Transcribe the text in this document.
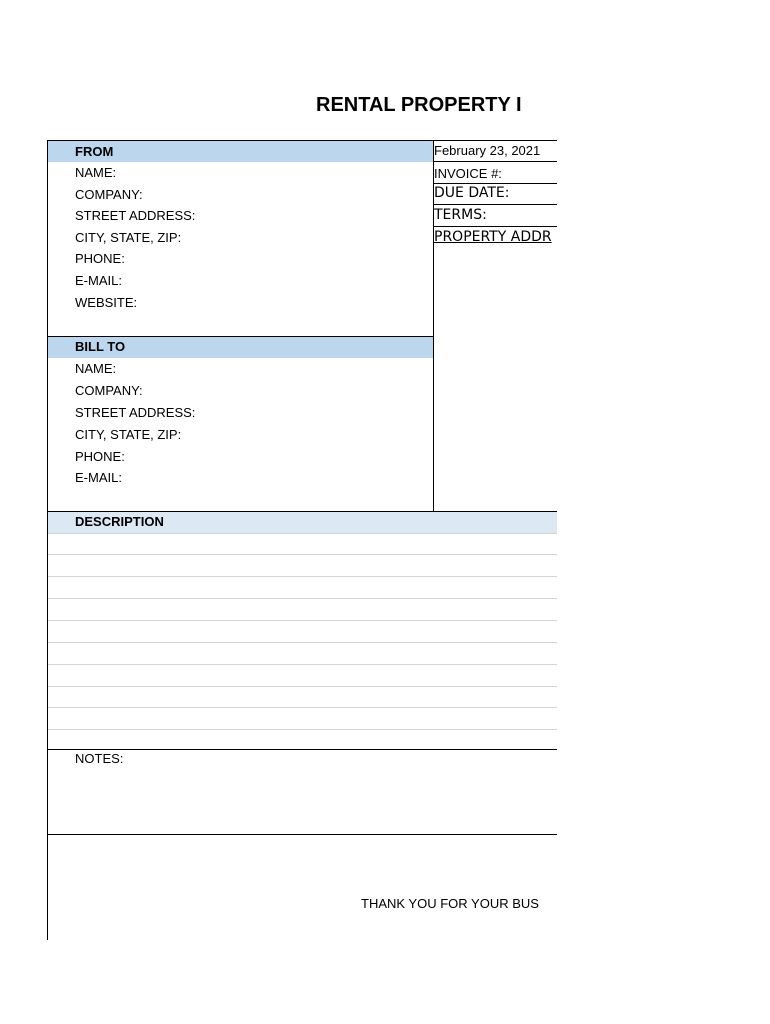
RENTAL PROPERTY I
FROM
NAME:
COMPANY:
STREET ADDRESS:
CITY, STATE, ZIP:
PHONE:
E-MAIL:
WEBSITE:
BILL TO
NAME:
COMPANY:
STREET ADDRESS:
CITY, STATE, ZIP:
PHONE:
E-MAIL:
February 23, 2021
INVOICE #:
DUE DATE:
TERMS:
PROPERTY ADDR
DESCRIPTION
NOTES:
THANK YOU FOR YOUR BUS
